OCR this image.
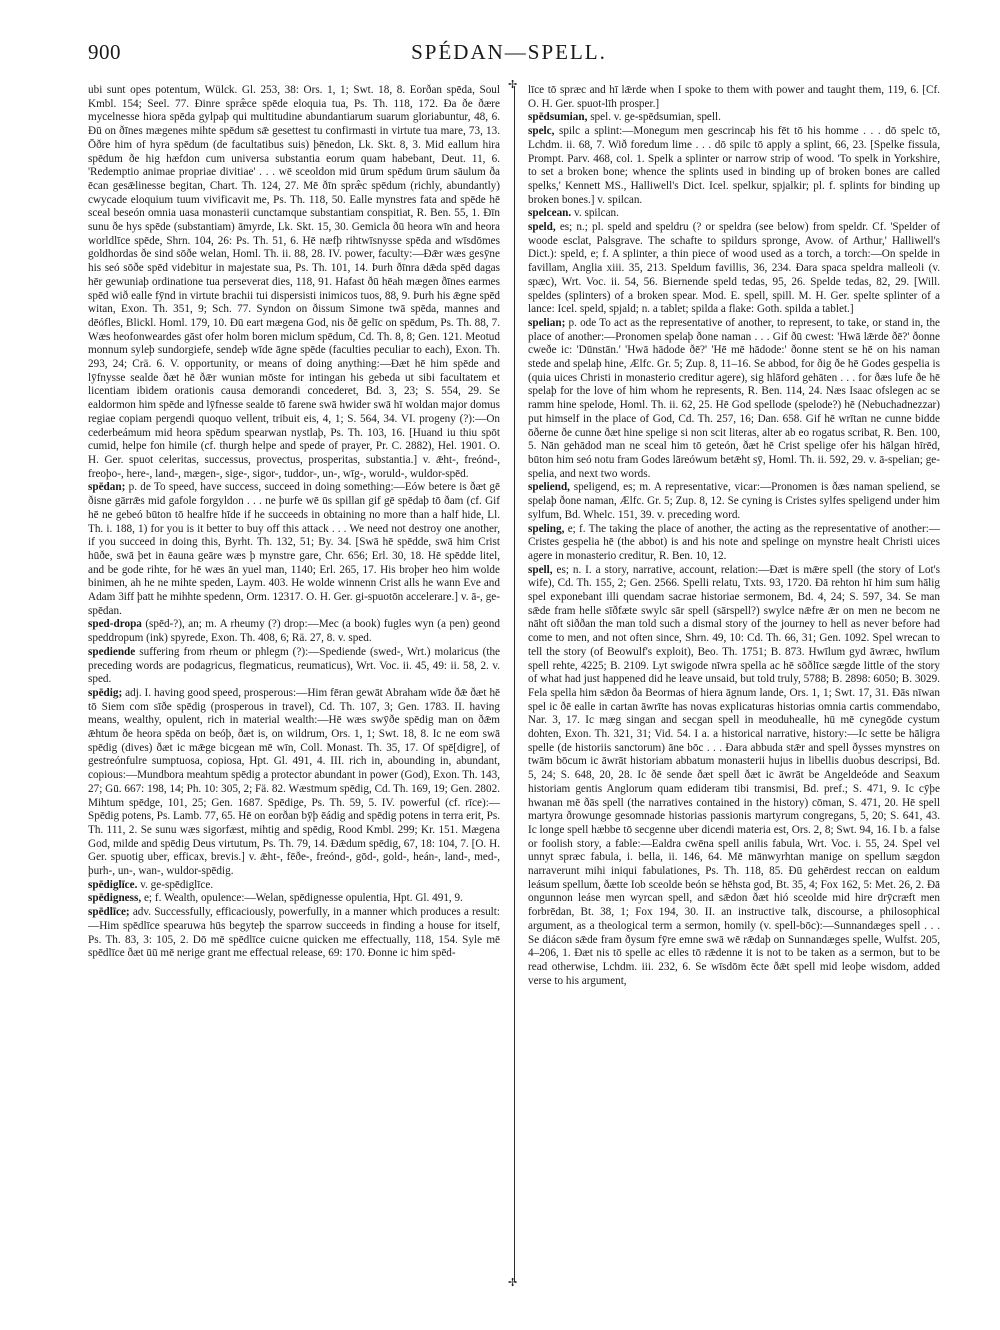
900	SPÉDAN—SPELL.

ubi sunt opes potentum, Wülck. Gl. 253, 38: Ors. 1, 1; Swt. 18, 8. Eorðan spēda, Soul Kmbl. 154; Seel. 77. Ðinre spræ̂ce spēde eloquia tua, Ps. Th. 118, 172. Ða ðe ðære mycelnesse hiora spēda gylpaþ qui multitudine abundantiarum suarum gloriabuntur, 48, 6. Ðū on ðīnes mægenes mihte spēdum sǣ gesettest tu confirmasti in virtute tua mare, 73, 13. Ōðre him of hyra spēdum (de facultatibus suis) þēnedon, Lk. Skt. 8, 3. Mid eallum hira spēdum ðe hig hæfdon cum universa substantia eorum quam habebant, Deut. 11, 6. 'Redemptio animae propriae divitiae' . . . wē sceoldon mid ūrum spēdum ūrum sāulum ða ēcan gesǣlinesse begitan, Chart. Th. 124, 27. Mē ðīn spræ̂c spēdum (richly, abundantly) cwycade eloquium tuum vivificavit me, Ps. Th. 118, 50. Ealle mynstres fata and spēde hē sceal beseón omnia uasa monasterii cunctamque substantiam conspitiat, R. Ben. 55, 1. Ðīn sunu ðe hys spēde (substantiam) āmyrde, Lk. Skt. 15, 30. Gemicla ðū heora wīn and heora worldlīce spēde, Shrn. 104, 26: Ps. Th. 51, 6. Hē næfþ rihtwīsnysse spēda and wīsdōmes goldhordas ðe sind sōðe welan, Homl. Th. ii. 88, 28. IV. power, faculty:—Ðǣr wæs gesȳne his seó sōðe spēd videbitur in majestate sua, Ps. Th. 101, 14. Þurh ðīnra dǣda spēd dagas hēr gewuniaþ ordinatione tua perseverat dies, 118, 91. Hafast ðū hēah mægen ðīnes earmes spēd wið ealle fȳnd in virtute brachii tui dispersisti inimicos tuos, 88, 9. Þurh his ǣgne spēd witan, Exon. Th. 351, 9; Sch. 77. Syndon on ðissum Simone twā spēda, mannes and dēófles, Blickl. Homl. 179, 10. Ðū eart mægena God, nis ðē gelīc on spēdum, Ps. Th. 88, 7. Wæs heofonweardes gāst ofer holm boren miclum spēdum, Cd. Th. 8, 8; Gen. 121. Meotud monnum syleþ sundorgiefe, sendeþ wīde āgne spēde (faculties peculiar to each), Exon. Th. 293, 24; Crä. 6. V. opportunity, or means of doing anything:—Ðæt hē him spēde and lȳfnysse sealde ðæt hē ðǣr wunian mōste for intingan his gebeda ut sibi facultatem et licentiam ibidem orationis causa demorandi concederet, Bd. 3, 23; S. 554, 29. Se ealdormon him spēde and lȳfnesse sealde tō farene swā hwider swā hī woldan major domus regiae copiam pergendi quoquo vellent, tribuit eis, 4, 1; S. 564, 34. VI. progeny (?):—On cederbeámum mid heora spēdum spearwan nystlaþ, Ps. Th. 103, 16. [Huand iu thiu spōt cumid, helpe fon himile (cf. thurgh helpe and spede of prayer, Pr. C. 2882), Hel. 1901. O. H. Ger. spuot celeritas, successus, provectus, prosperitas, substantia.] v. ǣht-, freónd-, freoþo-, here-, land-, mægen-, sige-, sigor-, tuddor-, un-, wīg-, woruld-, wuldor-spēd.

spēdan; p. de To speed, have success, succeed in doing something:—Eów betere is ðæt gē ðisne gārrǣs mid gafole forgyldon . . . ne þurfe wē ūs spillan gif gē spēdaþ tō ðam (cf. Gif hē ne gebeó būton tō healfre hīde if he succeeds in obtaining no more than a half hide, Ll. Th. i. 188, 1) for you is it better to buy off this attack . . . We need not destroy one another, if you succeed in doing this, Byrht. Th. 132, 51; By. 34. [Swā hē spēdde, swā him Crist hūðe, swā þet in ēauna geāre wæs þ mynstre gare, Chr. 656; Erl. 30, 18. Hē spēdde litel, and be gode rihte, for hē wæs ān yuel man, 1140; Erl. 265, 17. His broþer heo him wolde binimen, ah he ne mihte speden, Laym. 403. He wolde winnenn Crist alls he wann Eve and Adam 3iff þatt he mihhte spedenn, Orm. 12317. O. H. Ger. gi-spuotōn accelerare.] v. ā-, ge-spēdan.

sped-dropa (spēd-?), an; m. A rheumy (?) drop:—Mec (a book) fugles wyn (a pen) geond speddropum (ink) spyrede, Exon. Th. 408, 6; Rä. 27, 8. v. sped.

spediende suffering from rheum or phlegm (?):—Spediende (swed-, Wrt.) molaricus (the preceding words are podagricus, flegmaticus, reumaticus), Wrt. Voc. ii. 45, 49: ii. 58, 2. v. sped.

spēdig; adj. I. having good speed, prosperous:—Him fēran gewāt Abraham wīde ðǣ ðæt hē tō Siem com sīðe spēdig (prosperous in travel), Cd. Th. 107, 3; Gen. 1783. II. having means, wealthy, opulent, rich in material wealth:—Hē wæs swȳðe spēdig man on ðǣm ǣhtum ðe heora spēda on beóþ, ðæt is, on wildrum, Ors. 1, 1; Swt. 18, 8. Ic ne eom swā spēdig (dives) ðæt ic mǣge bicgean mē wīn, Coll. Monast. Th. 35, 17. Of spē[digre], of gestreónfulre sumptuosa, copiosa, Hpt. Gl. 491, 4. III. rich in, abounding in, abundant, copious:—Mundbora meahtum spēdig a protector abundant in power (God), Exon. Th. 143, 27; Gū. 667: 198, 14; Ph. 10: 305, 2; Fä. 82. Wæstmum spēdig, Cd. Th. 169, 19; Gen. 2802. Mihtum spēdge, 101, 25; Gen. 1687. Spēdige, Ps. Th. 59, 5. IV. powerful (cf. rīce):—Spēdig potens, Ps. Lamb. 77, 65. Hē on eorðan bȳþ ēádig and spēdig potens in terra erit, Ps. Th. 111, 2. Se sunu wæs sigorfæst, mihtig and spēdig, Rood Kmbl. 299; Kr. 151. Mægena God, milde and spēdig Deus virtutum, Ps. Th. 79, 14. Ðǣdum spēdig, 67, 18: 104, 7. [O. H. Ger. spuotig uber, efficax, brevis.] v. ǣht-, fēðe-, freónd-, gōd-, gold-, heán-, land-, med-, þurh-, un-, wan-, wuldor-spēdig.

spēdiglīce. v. ge-spēdiglīce.

spēdigness, e; f. Wealth, opulence:—Welan, spēdignesse opulentia, Hpt. Gl. 491, 9.

spēdlīce; adv. Successfully, efficaciously, powerfully, in a manner which produces a result:—Him spēdlīce spearuwa hūs begyteþ the sparrow succeeds in finding a house for itself, Ps. Th. 83, 3: 105, 2. Dō mē spēdlīce cuicne quicken me effectually, 118, 154. Syle mē spēdlīce ðæt ūū mē nerige grant me effectual release, 69: 170. Ðonne ic him spēd-

✢
✢

līce tō spræc and hī lǣrde when I spoke to them with power and taught them, 119, 6. [Cf. O. H. Ger. spuot-līh prosper.]

spēdsumian, spel. v. ge-spēdsumian, spell.

spelc, spilc a splint:—Monegum men gescrincaþ his fēt tō his homme . . . dō spelc tō, Lchdm. ii. 68, 7. Wið foredum lime . . . dō spilc tō apply a splint, 66, 23. [Spelke fissula, Prompt. Parv. 468, col. 1. Spelk a splinter or narrow strip of wood. 'To spelk in Yorkshire, to set a broken bone; whence the splints used in binding up of broken bones are called spelks,' Kennett MS., Halliwell's Dict. Icel. spelkur, spjalkir; pl. f. splints for binding up broken bones.] v. spilcan.

spelcean. v. spilcan.

speld, es; n.; pl. speld and speldru (? or speldra (see below) from speldr. Cf. 'Spelder of woode esclat, Palsgrave. The schafte to spildurs spronge, Avow. of Arthur,' Halliwell's Dict.): speld, e; f. A splinter, a thin piece of wood used as a torch, a torch:—On spelde in favillam, Anglia xiii. 35, 213. Speldum favillis, 36, 234. Ðara spaca speldra malleoli (v. spæc), Wrt. Voc. ii. 54, 56. Biernende speld tedas, 95, 26. Spelde tedas, 82, 29. [Will. speldes (splinters) of a broken spear. Mod. E. spell, spill. M. H. Ger. spelte splinter of a lance: Icel. speld, spjald; n. a tablet; spilda a flake: Goth. spilda a tablet.]

spelian; p. ode To act as the representative of another, to represent, to take, or stand in, the place of another:—Pronomen spelaþ ðone naman . . . Gif ðū cwest: 'Hwā lǣrde ðē?' ðonne cweðe ic: 'Dūnstān.' 'Hwā hādode ðē?' 'Hē mē hādode:' ðonne stent se hē on his naman stede and spelaþ hine, Ælfc. Gr. 5; Zup. 8, 11–16. Se abbod, for ðig ðe hē Godes gespelia is (quia uices Christi in monasterio creditur agere), sig hlāford gehāten . . . for ðæs lufe ðe hē spelaþ for the love of him whom he represents, R. Ben. 114, 24. Næs Isaac ofslegen ac se ramm hine spelode, Homl. Th. ii. 62, 25. Hē God spellode (spelode?) hē (Nebuchadnezzar) put himself in the place of God, Cd. Th. 257, 16; Dan. 658. Gif hē wrītan ne cunne bidde ōðerne ðe cunne ðæt hine spelige si non scit literas, alter ab eo rogatus scribat, R. Ben. 100, 5. Nān gehādod man ne sceal him tō geteón, ðæt hē Crist spelige ofer his hālgan hīrēd, būton him seó notu fram Godes lāreówum betǣht sȳ, Homl. Th. ii. 592, 29. v. ā-spelian; ge-spelia, and next two words.

speliend, speligend, es; m. A representative, vicar:—Pronomen is ðæs naman speliend, se spelaþ ðone naman, Ælfc. Gr. 5; Zup. 8, 12. Se cyning is Cristes sylfes speligend under him sylfum, Bd. Whelc. 151, 39. v. preceding word.

speling, e; f. The taking the place of another, the acting as the representative of another:—Cristes gespelia hē (the abbot) is and his note and spelinge on mynstre healt Christi uices agere in monasterio creditur, R. Ben. 10, 12.

spell, es; n. I. a story, narrative, account, relation:—Ðæt is mǣre spell (the story of Lot's wife), Cd. Th. 155, 2; Gen. 2566. Spelli relatu, Txts. 93, 1720. Ðā rehton hī him sum hālig spel exponebant illi quendam sacrae historiae sermonem, Bd. 4, 24; S. 597, 34. Se man sǣde fram helle sīðfæte swylc sār spell (sārspell?) swylce nǣfre ǣr on men ne becom ne nāht oft siððan the man told such a dismal story of the journey to hell as never before had come to men, and not often since, Shrn. 49, 10: Cd. Th. 66, 31; Gen. 1092. Spel wrecan to tell the story (of Beowulf's exploit), Beo. Th. 1751; B. 873. Hwīlum gyd āwræc, hwīlum spell rehte, 4225; B. 2109. Lyt swigode nīwra spella ac hē sōðlīce sægde little of the story of what had just happened did he leave unsaid, but told truly, 5788; B. 2898: 6050; B. 3029. Fela spella him sǣdon ða Beormas of hiera āgnum lande, Ors. 1, 1; Swt. 17, 31. Ðās nīwan spel ic ðē ealle in cartan āwrīte has novas explicaturas historias omnia cartis commendabo, Nar. 3, 17. Ic mæg singan and secgan spell in meoduhealle, hū mē cynegōde cystum dohten, Exon. Th. 321, 31; Vid. 54. I a. a historical narrative, history:—Ic sette be hāligra spelle (de historiis sanctorum) āne bōc . . . Ðara abbuda stǣr and spell ðysses mynstres on twām bōcum ic āwrāt historiam abbatum monasterii hujus in libellis duobus descripsi, Bd. 5, 24; S. 648, 20, 28. Ic ðē sende ðæt spell ðæt ic āwrāt be Angeldeóde and Seaxum historiam gentis Anglorum quam edideram tibi transmisi, Bd. pref.; S. 471, 9. Ic cȳþe hwanan mē ðās spell (the narratives contained in the history) cōman, S. 471, 20. Hē spell martyra ðrowunge gesomnade historias passionis martyrum congregans, 5, 20; S. 641, 43. Ic longe spell hæbbe tō secgenne uber dicendi materia est, Ors. 2, 8; Swt. 94, 16. I b. a false or foolish story, a fable:—Ealdra cwēna spell anilis fabula, Wrt. Voc. i. 55, 24. Spel vel unnyt spræc fabula, i. bella, ii. 146, 64. Mē mānwyrhtan manige on spellum sægdon narraverunt mihi iniqui fabulationes, Ps. Th. 118, 85. Ðū gehērdest reccan on ealdum leásum spellum, ðætte Iob sceolde beón se hēhsta god, Bt. 35, 4; Fox 162, 5: Met. 26, 2. Ðā ongunnon leáse men wyrcan spell, and sǣdon ðæt hió sceolde mid hire drȳcræft men forbrēdan, Bt. 38, 1; Fox 194, 30. II. an instructive talk, discourse, a philosophical argument, as a theological term a sermon, homily (v. spell-bōc):—Sunnandæges spell . . . Se diácon sǣde fram ðysum fȳre emne swā wē rǣdaþ on Sunnandæges spelle, Wulfst. 205, 4–206, 1. Ðæt nis tō spelle ac elles tō rǣdenne it is not to be taken as a sermon, but to be read otherwise, Lchdm. iii. 232, 6. Se wīsdōm ēcte ðǣt spell mid leoþe wisdom, added verse to his argument,
